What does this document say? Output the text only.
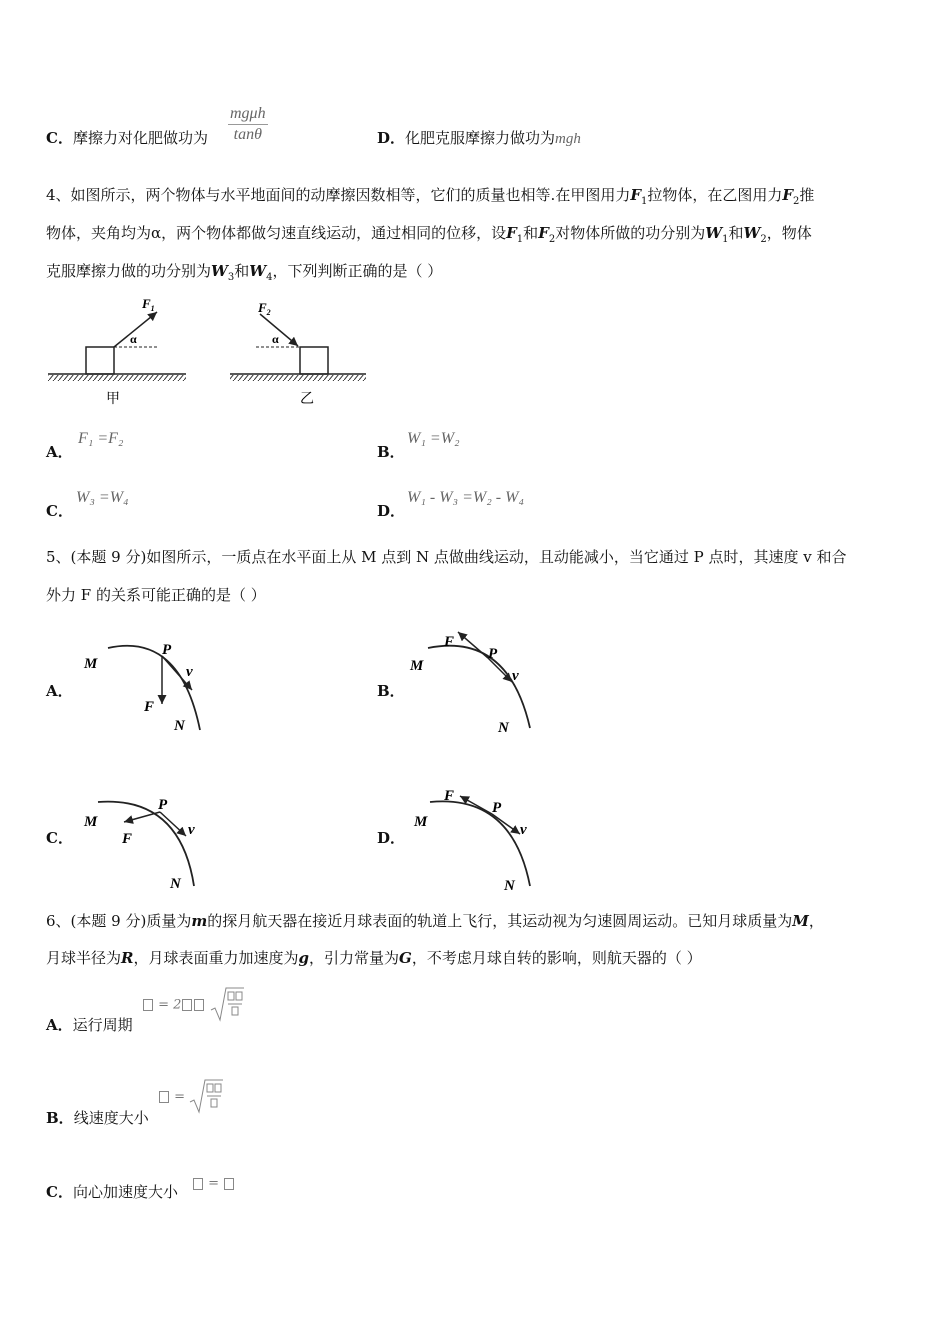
C．摩擦力对化肥做功为
mgμh
tanθ	D．化肥克服摩擦力做功为mgh
4、如图所示，两个物体与水平地面间的动摩擦因数相等，它们的质量也相等.在甲图用力$F_1$拉物体，在乙图用力$F_2$推
物体，夹角均为α，两个物体都做匀速直线运动，通过相同的位移，设$F_1$和$F_2$对物体所做的功分别为$W_1$和$W_2$，物体
克服摩擦力做的功分别为$W_3$和$W_4$，下列判断正确的是（ ）
$F_1$
α
甲
$F_2$
α
乙
A．
F₁ =F₂
B．
W₁ =W₂
C．
W₃ =W₄
D．
W₁ - W₃ =W₂ - W₄
5、(本题 9 分)如图所示，一质点在水平面上从 M 点到 N 点做曲线运动，且动能减小，当它通过 P 点时，其速度 v 和合
外力 F 的关系可能正确的是（ ）
A．	B．
C．	D．
M
P
v
F
N
M
F
P
v
N
M
P
F
v
N
M
F
P
v
N
6、(本题 9 分)质量为m的探月航天器在接近月球表面的轨道上飞行，其运动视为匀速圆周运动。已知月球质量为M，
月球半径为R，月球表面重力加速度为g，引力常量为G，不考虑月球自转的影响，则航天器的（ ）
A．运行周期
= 2
B．线速度大小
=
C．向心加速度大小	=
